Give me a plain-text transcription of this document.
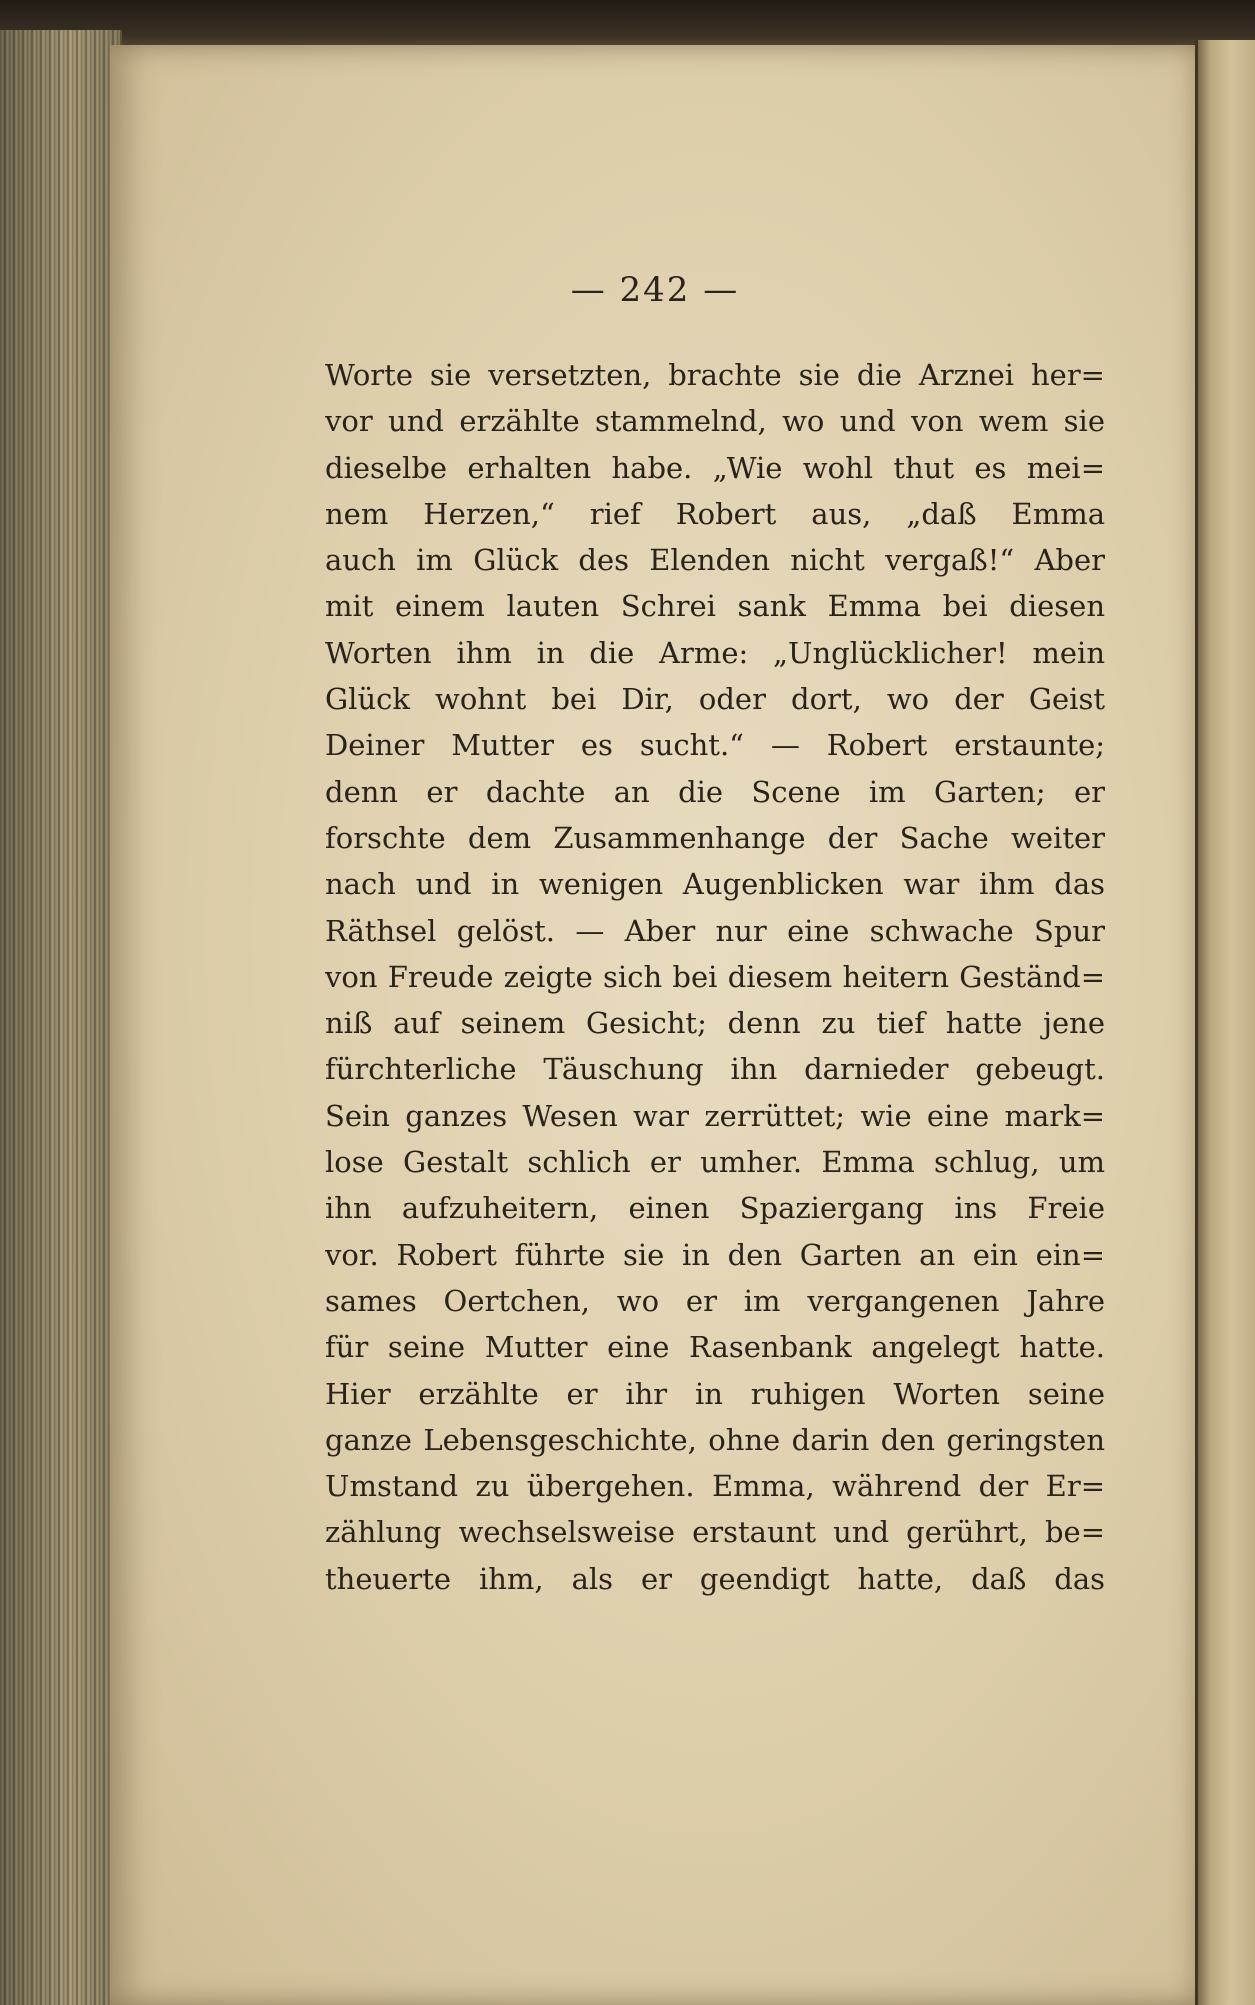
— 242 —
Worte sie versetzten, brachte sie die Arznei her=
vor und erzählte stammelnd, wo und von wem sie
dieselbe erhalten habe. „Wie wohl thut es mei=
nem Herzen,“ rief Robert aus, „daß Emma
auch im Glück des Elenden nicht vergaß!“ Aber
mit einem lauten Schrei sank Emma bei diesen
Worten ihm in die Arme: „Unglücklicher! mein
Glück wohnt bei Dir, oder dort, wo der Geist
Deiner Mutter es sucht.“ — Robert erstaunte;
denn er dachte an die Scene im Garten; er
forschte dem Zusammenhange der Sache weiter
nach und in wenigen Augenblicken war ihm das
Räthsel gelöst. — Aber nur eine schwache Spur
von Freude zeigte sich bei diesem heitern Geständ=
niß auf seinem Gesicht; denn zu tief hatte jene
fürchterliche Täuschung ihn darnieder gebeugt.
Sein ganzes Wesen war zerrüttet; wie eine mark=
lose Gestalt schlich er umher. Emma schlug, um
ihn aufzuheitern, einen Spaziergang ins Freie
vor. Robert führte sie in den Garten an ein ein=
sames Oertchen, wo er im vergangenen Jahre
für seine Mutter eine Rasenbank angelegt hatte.
Hier erzählte er ihr in ruhigen Worten seine
ganze Lebensgeschichte, ohne darin den geringsten
Umstand zu übergehen. Emma, während der Er=
zählung wechselsweise erstaunt und gerührt, be=
theuerte ihm, als er geendigt hatte, daß das
